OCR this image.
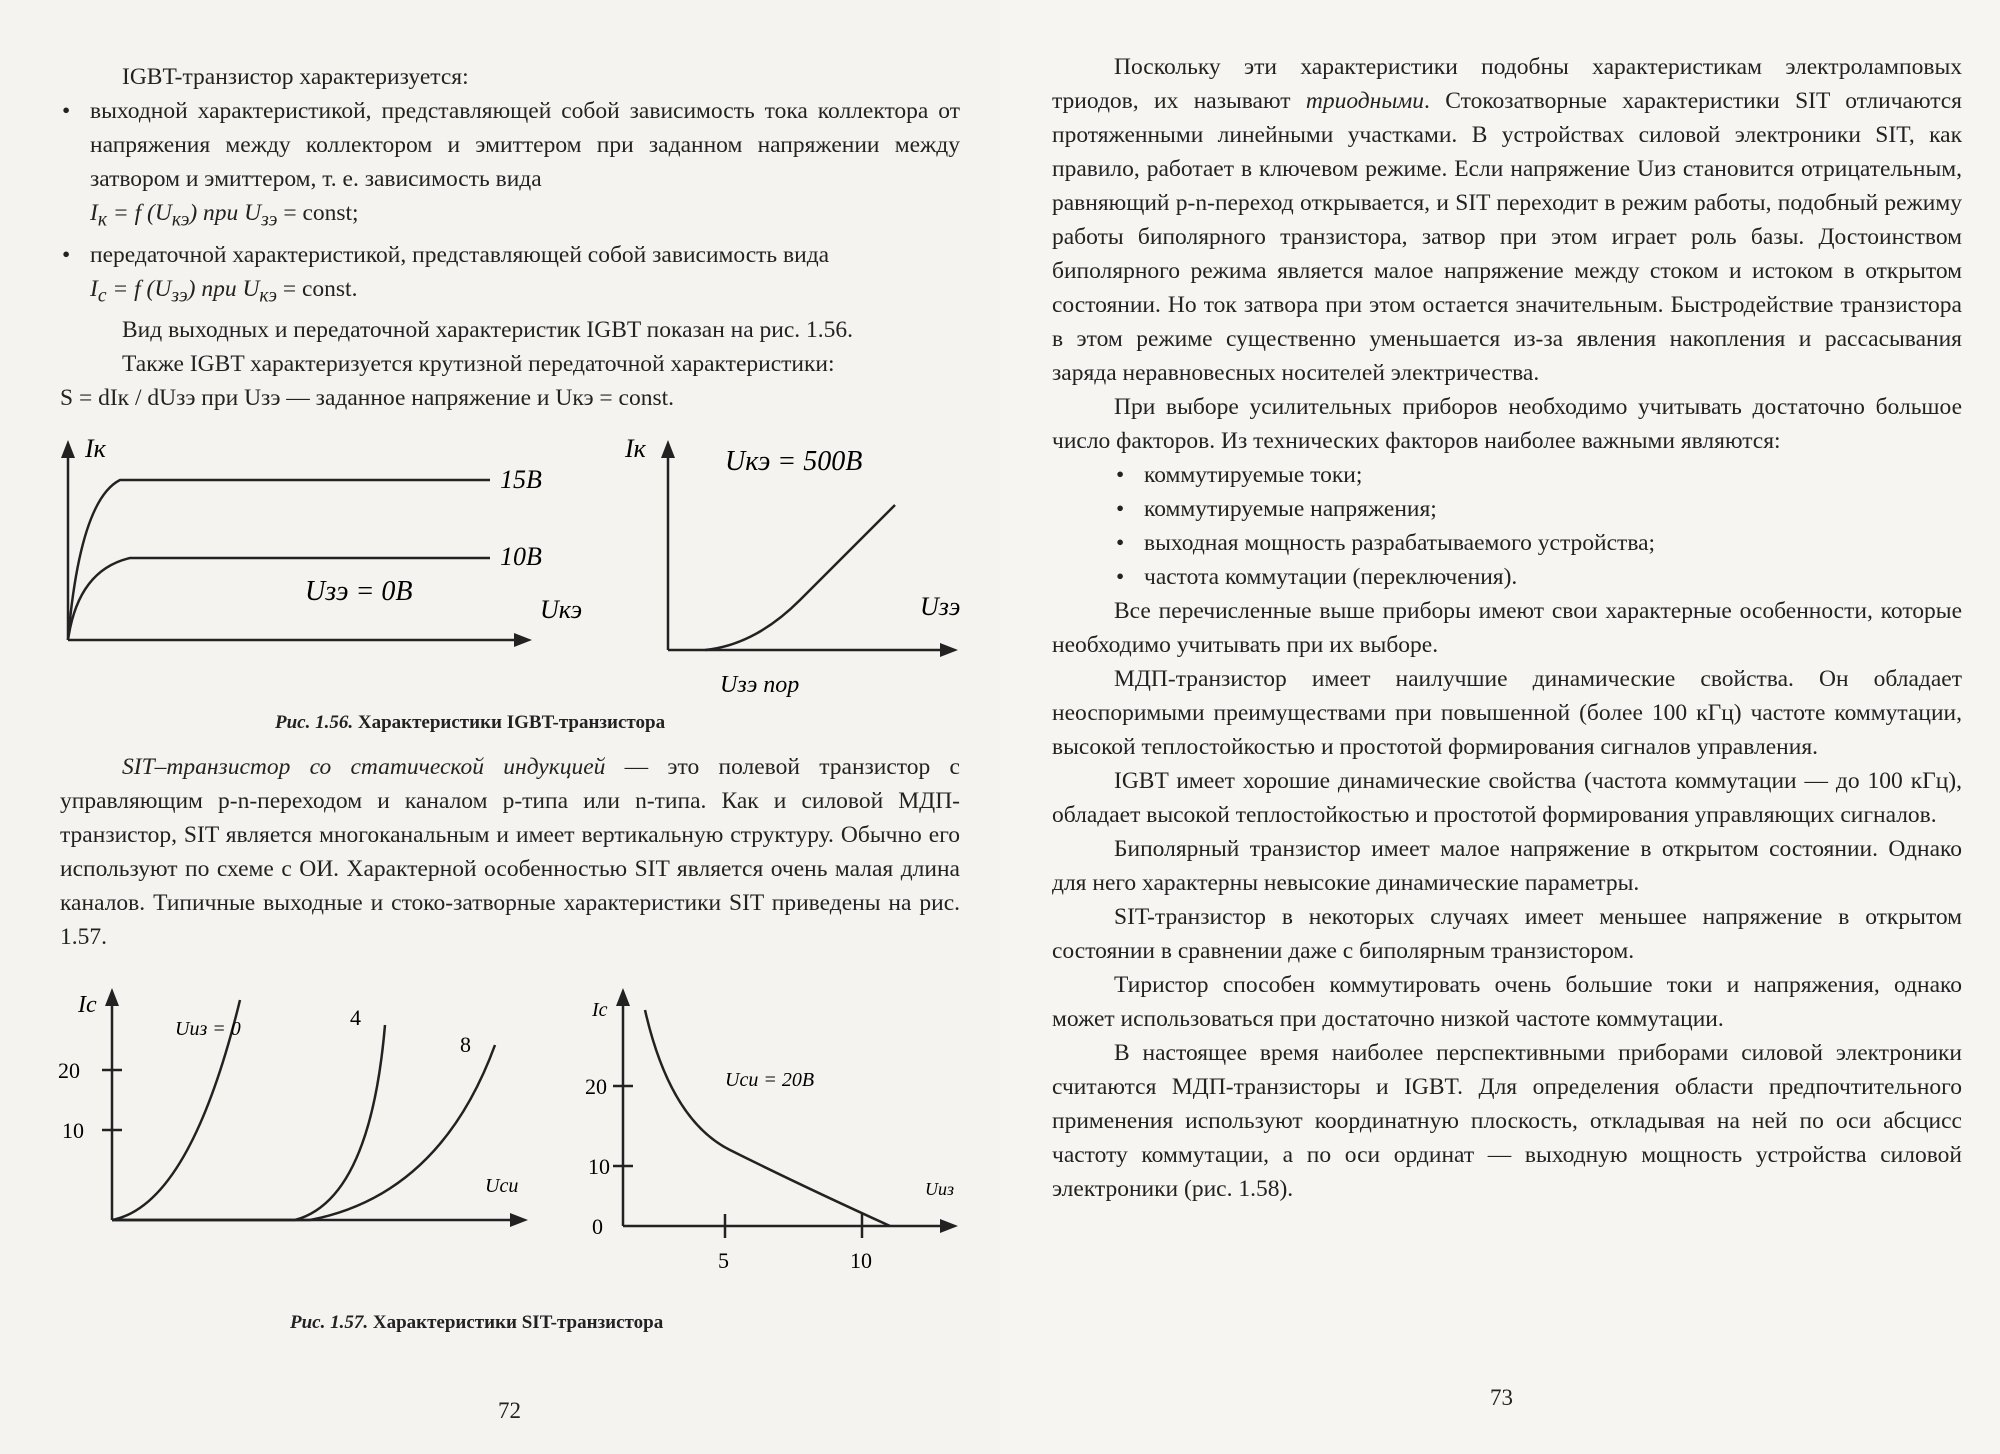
IGBT-транзистор характеризуется:

• выходной характеристикой, представляющей собой зависимость тока коллектора от напряжения между коллектором и эмиттером при заданном напряжении между затвором и эмиттером, т. е. зависимость вида
$I_к = f$ $(U_{кэ})$ при $U_{зэ}$ = const;

• передаточной характеристикой, представляющей собой зависимость вида
$I_с = f$ $(U_{зэ})$ при $U_{кэ}$ = const.

Вид выходных и передаточной характеристик IGBT показан на рис. 1.56.

Также IGBT характеризуется крутизной передаточной характеристики:

S = dIк / dUзэ при Uзэ — заданное напряжение и Uкэ = const.

Iк
15В
10В
Uзэ = 0В
Uкэ
Iк	Uкэ = 500В
Uзэ
Uзэ пор
Рис. 1.56. Характеристики IGBT-транзистора

SIT–транзистор со статической индукцией — это полевой транзистор с управляющим p-n-переходом и каналом p-типа или n-типа. Как и силовой МДП-транзистор, SIT является многоканальным и имеет вертикальную структуру. Обычно его используют по схеме с ОИ. Характерной особенностью SIT является очень малая длина каналов. Типичные выходные и стоко-затворные характеристики SIT приведены на рис. 1.57.

Iс
20
10
Uиз = 0	4
8
Uси
Iс
20
10
0
5	10
Uси = 20В
Uиз
Рис. 1.57. Характеристики SIT-транзистора
72

Поскольку эти характеристики подобны характеристикам электроламповых триодов, их называют триодными. Стокозатворные характеристики SIT отличаются протяженными линейными участками. В устройствах силовой электроники SIT, как правило, работает в ключевом режиме. Если напряжение Uиз становится отрицательным, равняющий p-n-переход открывается, и SIT переходит в режим работы, подобный режиму работы биполярного транзистора, затвор при этом играет роль базы. Достоинством биполярного режима является малое напряжение между стоком и истоком в открытом состоянии. Но ток затвора при этом остается значительным. Быстродействие транзистора в этом режиме существенно уменьшается из-за явления накопления и рассасывания заряда неравновесных носителей электричества.

При выборе усилительных приборов необходимо учитывать достаточно большое число факторов. Из технических факторов наиболее важными являются:

• коммутируемые токи;

• коммутируемые напряжения;

• выходная мощность разрабатываемого устройства;

• частота коммутации (переключения).

Все перечисленные выше приборы имеют свои характерные особенности, которые необходимо учитывать при их выборе.

МДП-транзистор имеет наилучшие динамические свойства. Он обладает неоспоримыми преимуществами при повышенной (более 100 кГц) частоте коммутации, высокой теплостойкостью и простотой формирования сигналов управления.

IGBT имеет хорошие динамические свойства (частота коммутации — до 100 кГц), обладает высокой теплостойкостью и простотой формирования управляющих сигналов.

Биполярный транзистор имеет малое напряжение в открытом состоянии. Однако для него характерны невысокие динамические параметры.

SIT-транзистор в некоторых случаях имеет меньшее напряжение в открытом состоянии в сравнении даже с биполярным транзистором.

Тиристор способен коммутировать очень большие токи и напряжения, однако может использоваться при достаточно низкой частоте коммутации.

В настоящее время наиболее перспективными приборами силовой электроники считаются МДП-транзисторы и IGBT. Для определения области предпочтительного применения используют координатную плоскость, откладывая на ней по оси абсцисс частоту коммутации, а по оси ординат — выходную мощность устройства силовой электроники (рис. 1.58).

73
